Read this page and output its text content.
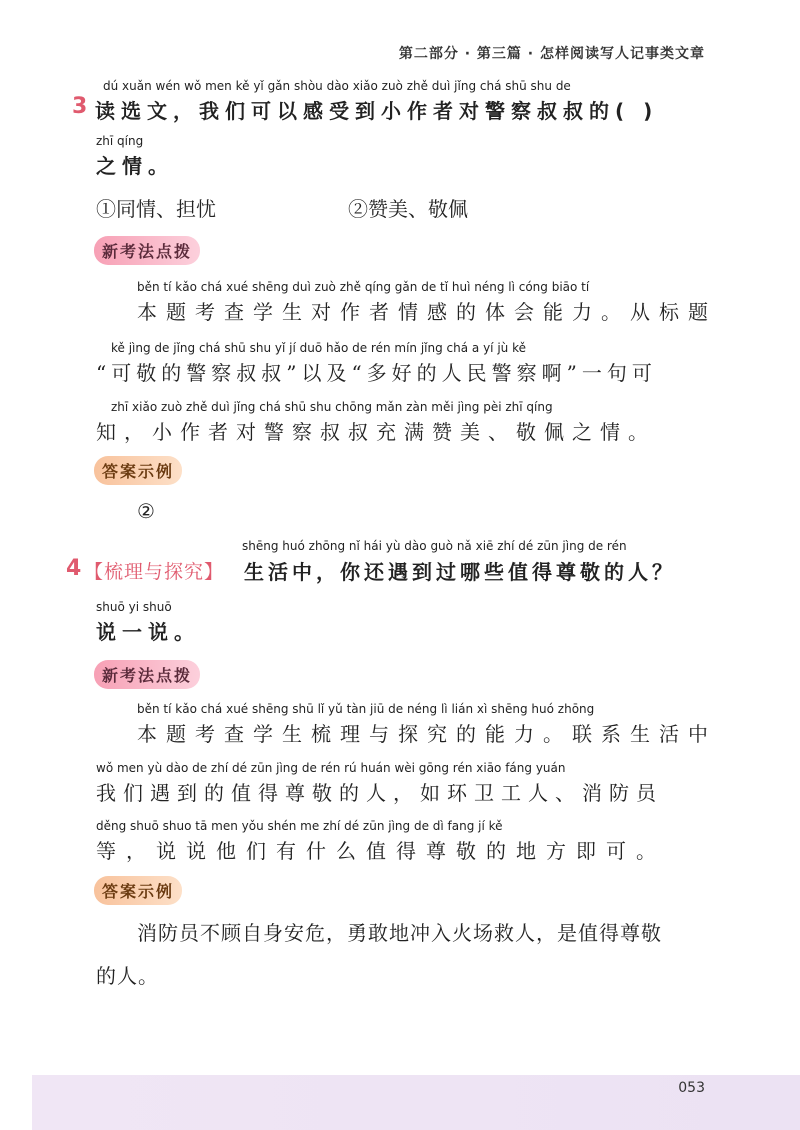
第二部分 · 第三篇 · 怎样阅读写人记事类文章
dú xuǎn wén wǒ men kě yǐ gǎn shòu dào xiǎo zuò zhě duì jǐng chá shū shu de
3 读选文，我们可以感受到小作者对警察叔叔的( )
zhī qíng
之情。
①同情、担忧	②赞美、敬佩
新考法点拨
běn tí kǎo chá xué shēng duì zuò zhě qíng gǎn de tǐ huì néng lì cóng biāo tí
本题考查学生对作者情感的体会能力。从标题
kě jìng de jǐng chá shū shu yǐ jí duō hǎo de rén mín jǐng chá a yí jù kě
“可敬的警察叔叔”以及“多好的人民警察啊”一句可
zhī xiǎo zuò zhě duì jǐng chá shū shu chōng mǎn zàn měi jìng pèi zhī qíng
知，小作者对警察叔叔充满赞美、敬佩之情。
答案示例
②
shēng huó zhōng nǐ hái yù dào guò nǎ xiē zhí dé zūn jìng de rén
4 【梳理与探究】 生活中，你还遇到过哪些值得尊敬的人？
shuō yi shuō
说一说。
新考法点拨
běn tí kǎo chá xué shēng shū lǐ yǔ tàn jiū de néng lì lián xì shēng huó zhōng
本题考查学生梳理与探究的能力。联系生活中
wǒ men yù dào de zhí dé zūn jìng de rén rú huán wèi gōng rén xiāo fáng yuán
我们遇到的值得尊敬的人，如环卫工人、消防员
děng shuō shuo tā men yǒu shén me zhí dé zūn jìng de dì fang jí kě
等，说说他们有什么值得尊敬的地方即可。
答案示例
消防员不顾自身安危，勇敢地冲入火场救人，是值得尊敬
的人。
053
